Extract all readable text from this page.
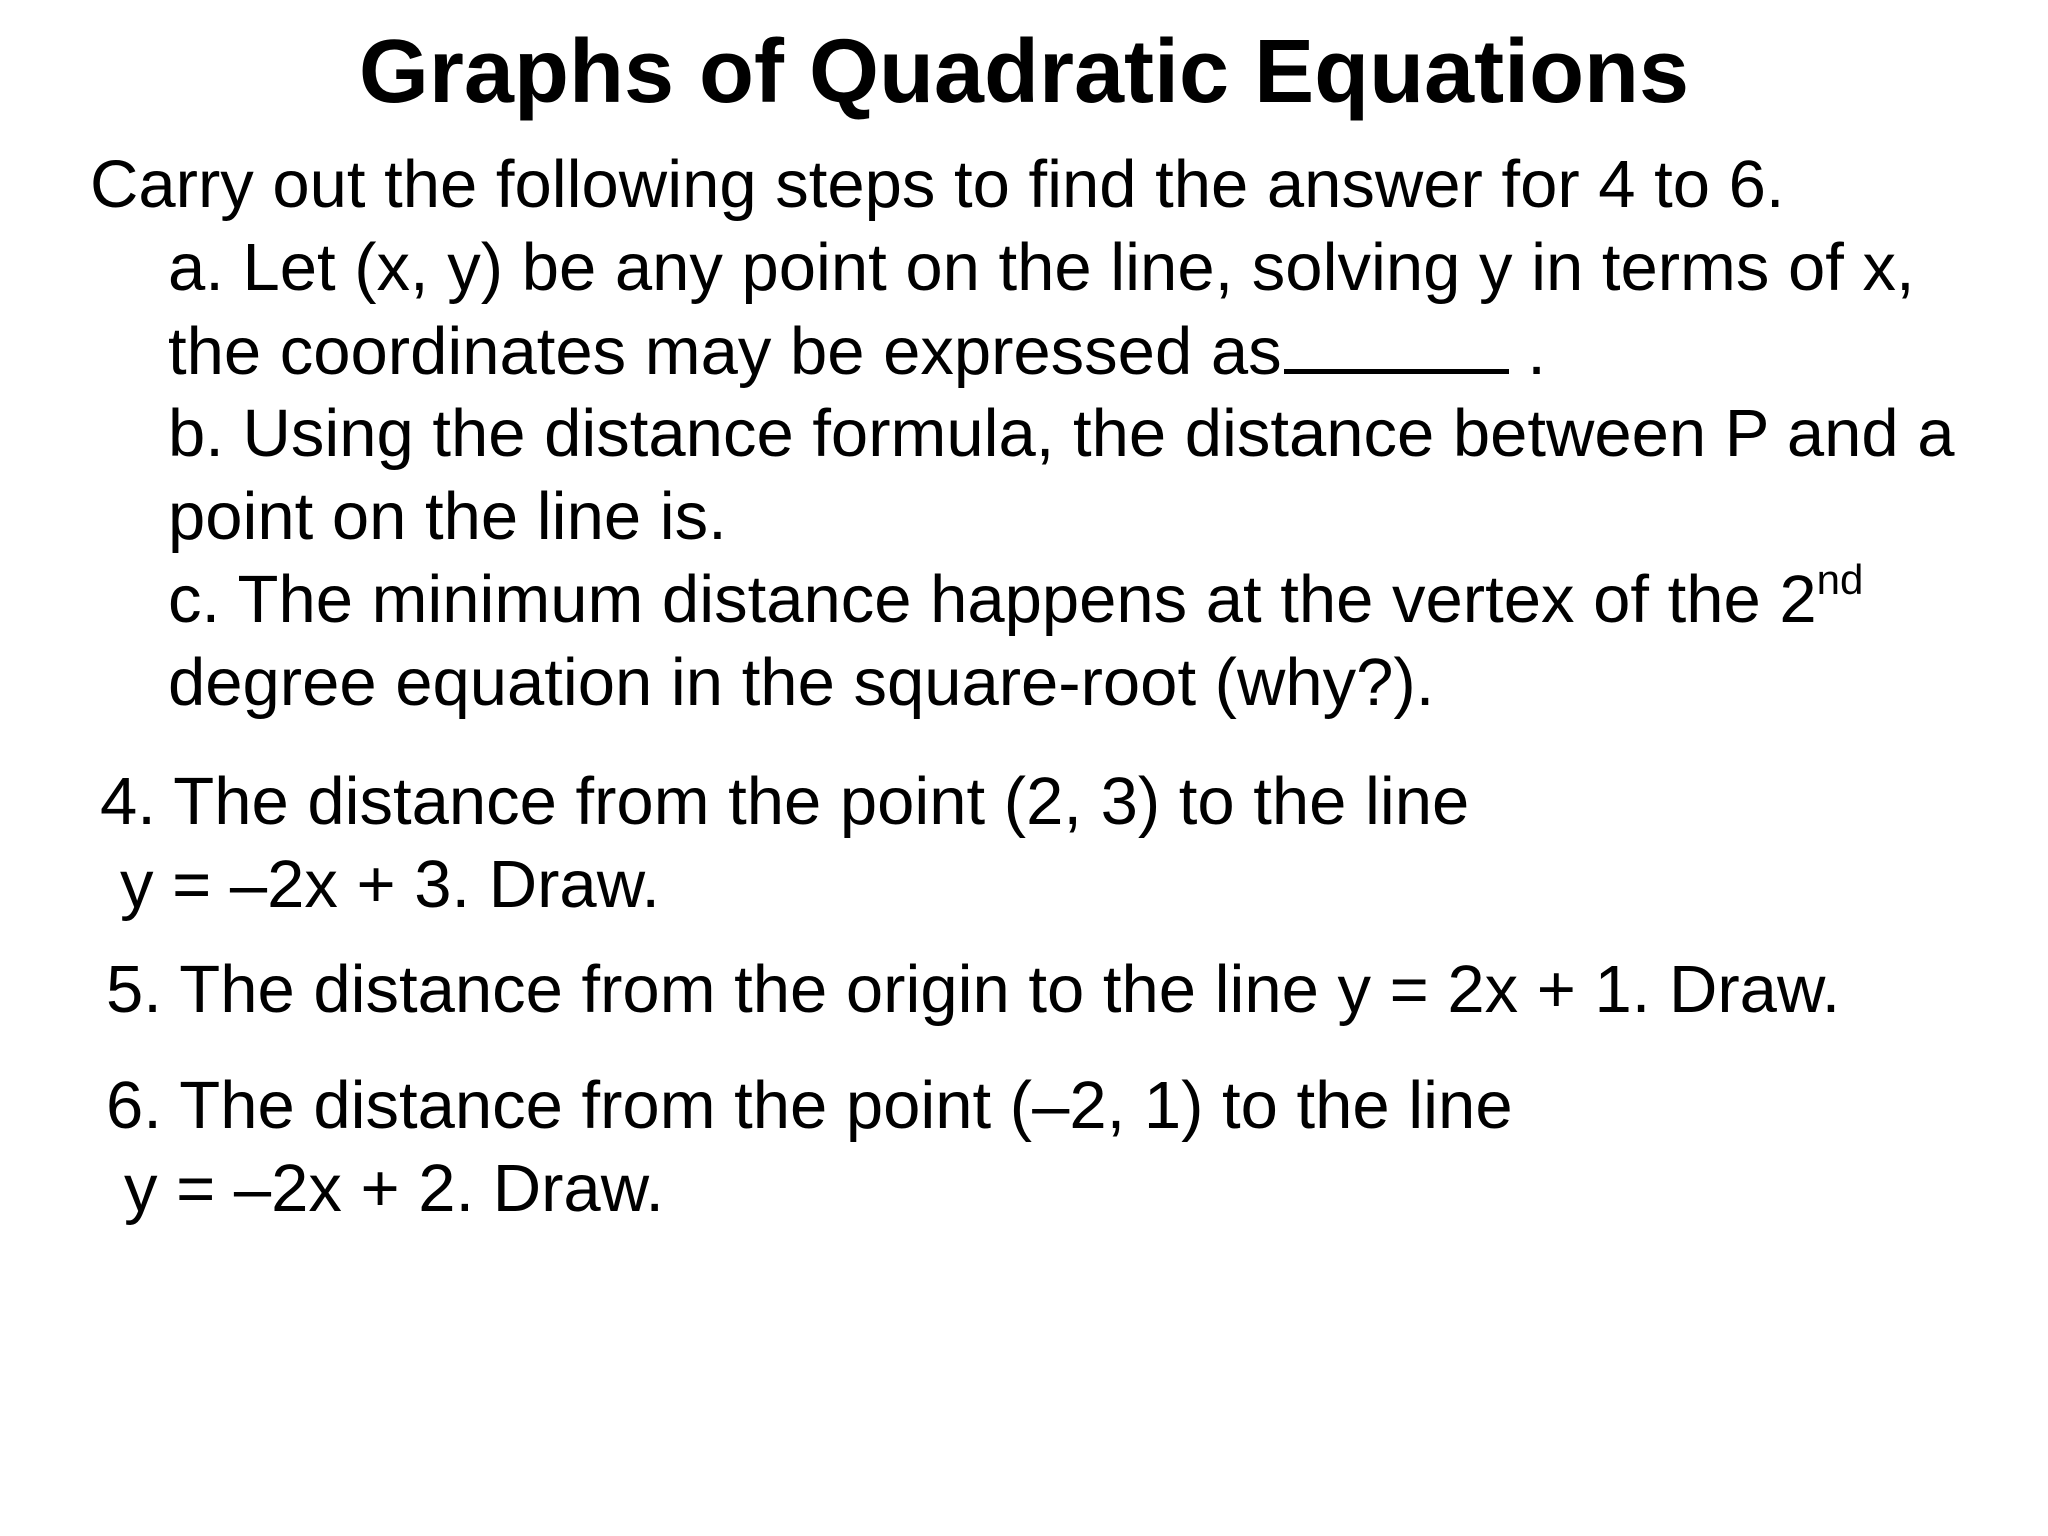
Graphs of Quadratic Equations
Carry out the following steps to find the answer for 4 to 6.
a. Let (x, y) be any point on the line, solving y in terms of x,
the coordinates may be expressed as	.
b. Using the distance formula, the distance between P and a
point on the line is.
c. The minimum distance happens at the vertex of the 2nd
degree equation in the square-root (why?).
4. The distance from the point (2, 3) to the line
y = –2x + 3. Draw.
5. The distance from the origin to the line y = 2x + 1. Draw.
6. The distance from the point (–2, 1) to the line
y = –2x + 2. Draw.
